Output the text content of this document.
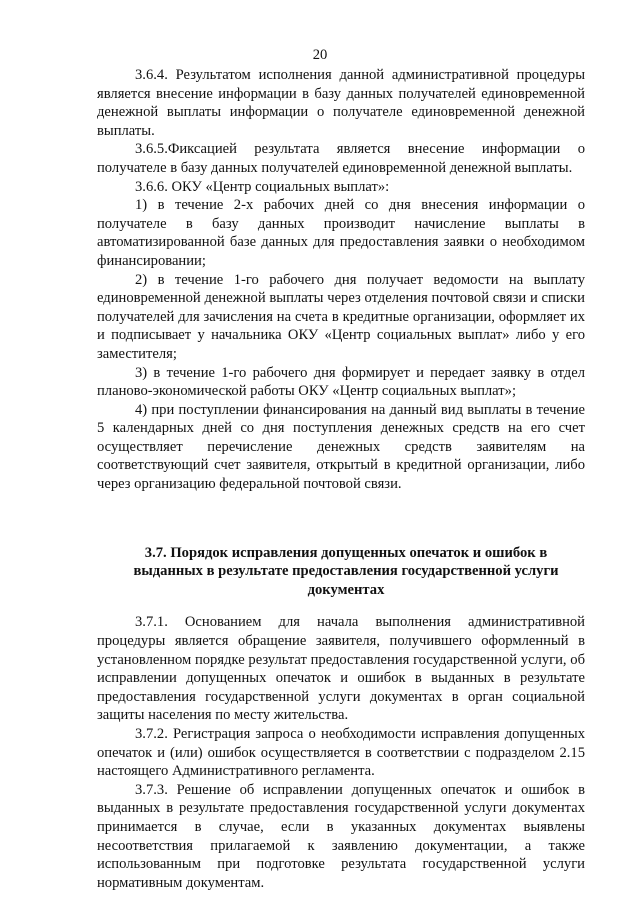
20

3.6.4. Результатом исполнения данной административной процедуры является внесение информации в базу данных получателей единовременной денежной выплаты информации о получателе единовременной денежной выплаты.

3.6.5.Фиксацией результата является внесение информации о получателе в базу данных получателей единовременной денежной выплаты.

3.6.6. ОКУ «Центр социальных выплат»:

1) в течение 2-х рабочих дней со дня внесения информации о получателе в базу данных производит начисление выплаты в автоматизированной базе данных для предоставления заявки о необходимом финансировании;

2) в течение 1-го рабочего дня получает ведомости на выплату единовременной денежной выплаты через отделения почтовой связи и списки получателей для зачисления на счета в кредитные организации, оформляет их и подписывает у начальника ОКУ «Центр социальных выплат» либо у его заместителя;

3) в течение 1-го рабочего дня формирует и передает заявку в отдел планово-экономической работы ОКУ «Центр социальных выплат»;

4) при поступлении финансирования на данный вид выплаты в течение 5 календарных дней со дня поступления денежных средств на его счет осуществляет перечисление денежных средств заявителям на соответствующий счет заявителя, открытый в кредитной организации, либо через организацию федеральной почтовой связи.

3.7. Порядок исправления допущенных опечаток и ошибок в выданных в результате предоставления государственной услуги документах

3.7.1. Основанием для начала выполнения административной процедуры является обращение заявителя, получившего оформленный в установленном порядке результат предоставления государственной услуги, об исправлении допущенных опечаток и ошибок в выданных в результате предоставления государственной услуги документах в орган социальной защиты населения по месту жительства.

3.7.2. Регистрация запроса о необходимости исправления допущенных опечаток и (или) ошибок осуществляется в соответствии с подразделом 2.15 настоящего Административного регламента.

3.7.3. Решение об исправлении допущенных опечаток и ошибок в выданных в результате предоставления государственной услуги документах принимается в случае, если в указанных документах выявлены несоответствия прилагаемой к заявлению документации, а также использованным при подготовке результата государственной услуги нормативным документам.
